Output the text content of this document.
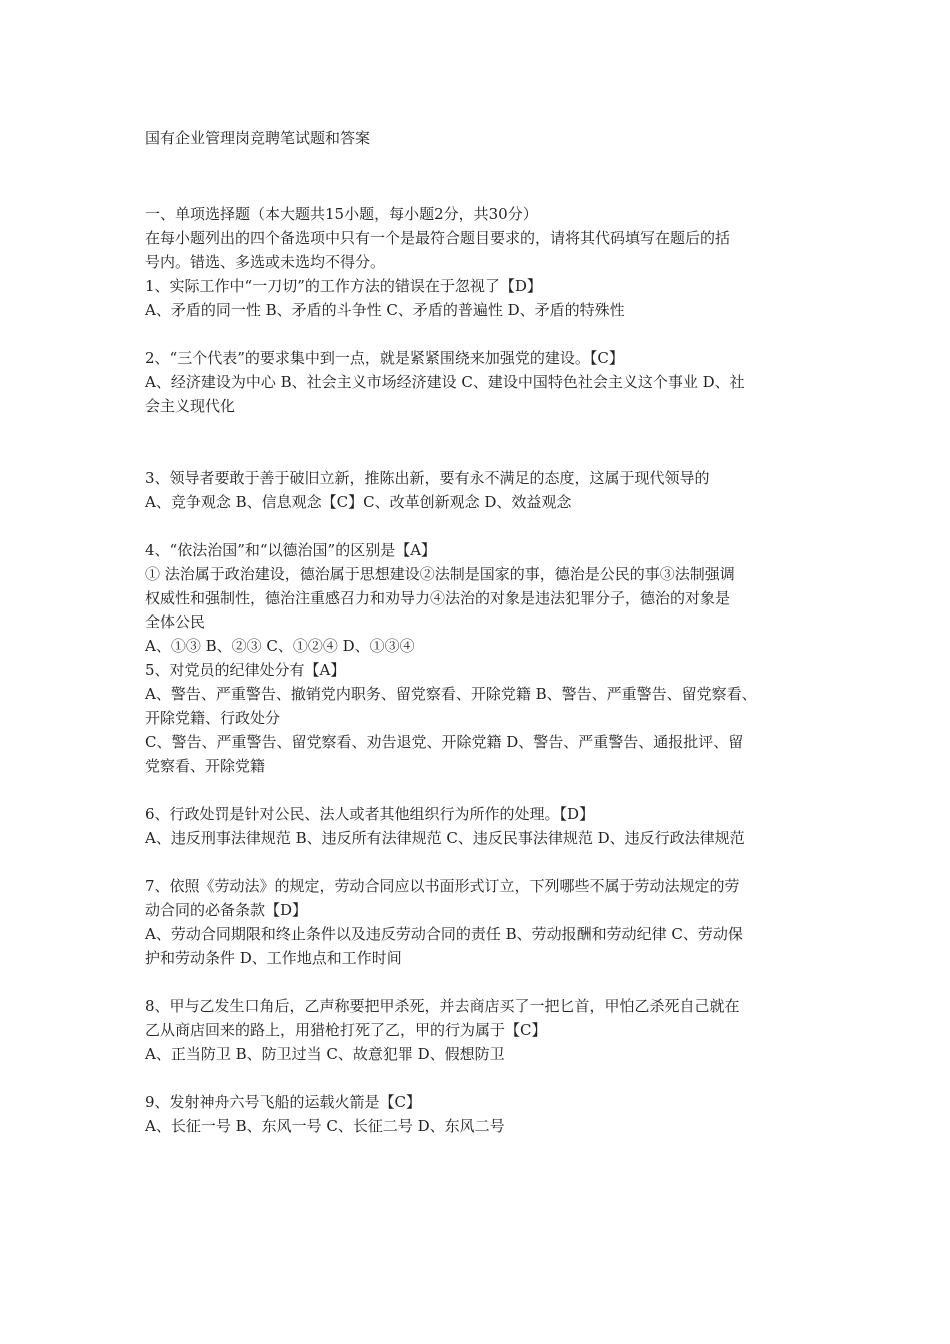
国有企业管理岗竞聘笔试题和答案
一、单项选择题（本大题共15小题，每小题2分，共30分）
在每小题列出的四个备选项中只有一个是最符合题目要求的，请将其代码填写在题后的括
号内。错选、多选或未选均不得分。
1、实际工作中“一刀切”的工作方法的错误在于忽视了【D】
A、矛盾的同一性 B、矛盾的斗争性 C、矛盾的普遍性 D、矛盾的特殊性
2、“三个代表”的要求集中到一点，就是紧紧围绕来加强党的建设。【C】
A、经济建设为中心 B、社会主义市场经济建设 C、建设中国特色社会主义这个事业 D、社
会主义现代化
3、领导者要敢于善于破旧立新，推陈出新，要有永不满足的态度，这属于现代领导的
A、竞争观念 B、信息观念【C】C、改革创新观念 D、效益观念
4、“依法治国”和“以德治国”的区别是【A】
① 法治属于政治建设，德治属于思想建设②法制是国家的事，德治是公民的事③法制强调
权威性和强制性，德治注重感召力和劝导力④法治的对象是违法犯罪分子，德治的对象是
全体公民
A、①③ B、②③ C、①②④ D、①③④
5、对党员的纪律处分有【A】
A、警告、严重警告、撤销党内职务、留党察看、开除党籍 B、警告、严重警告、留党察看、
开除党籍、行政处分
C、警告、严重警告、留党察看、劝告退党、开除党籍 D、警告、严重警告、通报批评、留
党察看、开除党籍
6、行政处罚是针对公民、法人或者其他组织行为所作的处理。【D】
A、违反刑事法律规范 B、违反所有法律规范 C、违反民事法律规范 D、违反行政法律规范
7、依照《劳动法》的规定，劳动合同应以书面形式订立，下列哪些不属于劳动法规定的劳
动合同的必备条款【D】
A、劳动合同期限和终止条件以及违反劳动合同的责任 B、劳动报酬和劳动纪律 C、劳动保
护和劳动条件 D、工作地点和工作时间
8、甲与乙发生口角后，乙声称要把甲杀死，并去商店买了一把匕首，甲怕乙杀死自己就在
乙从商店回来的路上，用猎枪打死了乙，甲的行为属于【C】
A、正当防卫 B、防卫过当 C、故意犯罪 D、假想防卫
9、发射神舟六号飞船的运载火箭是【C】
A、长征一号 B、东风一号 C、长征二号 D、东风二号
